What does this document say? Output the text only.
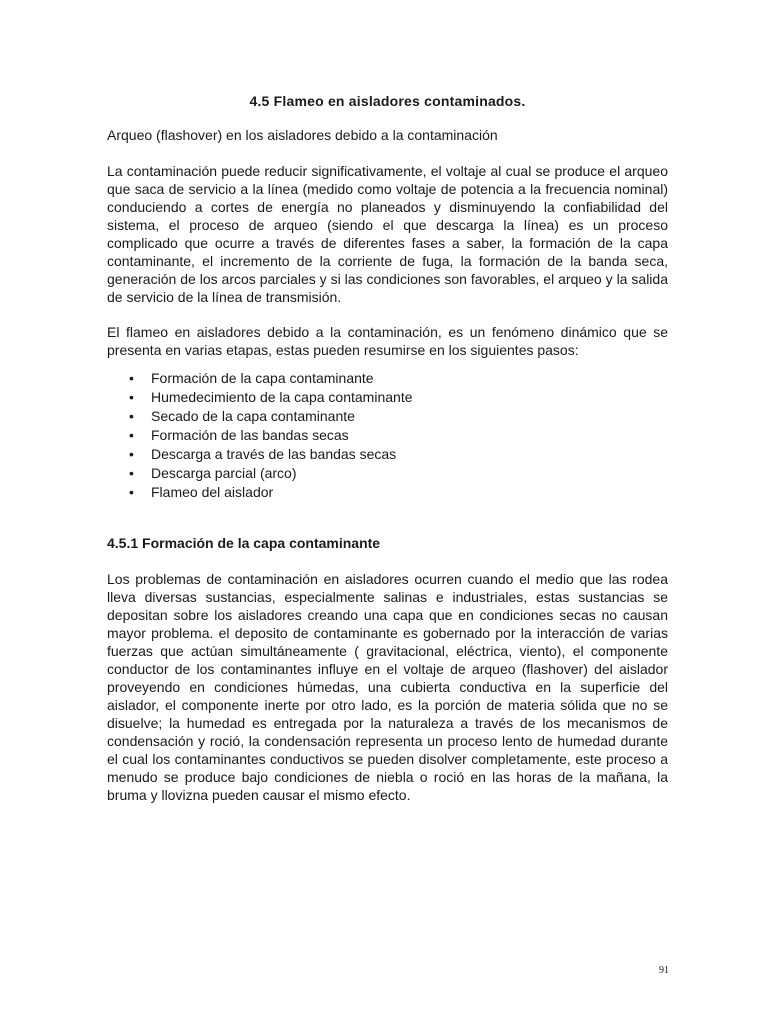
4.5 Flameo en aisladores contaminados.

Arqueo (flashover) en los aisladores debido a la contaminación

La contaminación puede reducir significativamente, el voltaje al cual se produce el arqueo que saca de servicio a la línea (medido como voltaje de potencia a la frecuencia nominal) conduciendo a cortes de energía no planeados y disminuyendo la confiabilidad del sistema, el proceso de arqueo (siendo el que descarga la línea) es un proceso complicado que ocurre a través de diferentes fases a saber, la formación de la capa contaminante, el incremento de la corriente de fuga, la formación de la banda seca, generación de los arcos parciales y si las condiciones son favorables, el arqueo y la salida de servicio de la línea de transmisión.

El flameo en aisladores debido a la contaminación, es un fenómeno dinámico que se presenta en varias etapas, estas pueden resumirse en los siguientes pasos:

• Formación de la capa contaminante
• Humedecimiento de la capa contaminante
• Secado de la capa contaminante
• Formación de las bandas secas
• Descarga a través de las bandas secas
• Descarga parcial (arco)
• Flameo del aislador
4.5.1 Formación de la capa contaminante

Los problemas de contaminación en aisladores ocurren cuando el medio que las rodea lleva diversas sustancias, especialmente salinas e industriales, estas sustancias se depositan sobre los aisladores creando una capa que en condiciones secas no causan mayor problema. el deposito de contaminante es gobernado por la interacción de varias fuerzas que actúan simultáneamente ( gravitacional, eléctrica, viento), el componente conductor de los contaminantes influye en el voltaje de arqueo (flashover) del aislador proveyendo en condiciones húmedas, una cubierta conductiva en la superficie del aislador, el componente inerte por otro lado, es la porción de materia sólida que no se disuelve; la humedad es entregada por la naturaleza a través de los mecanismos de condensación y roció, la condensación representa un proceso lento de humedad durante el cual los contaminantes conductivos se pueden disolver completamente, este proceso a menudo se produce bajo condiciones de niebla o roció en las horas de la mañana, la bruma y llovizna pueden causar el mismo efecto.

91
